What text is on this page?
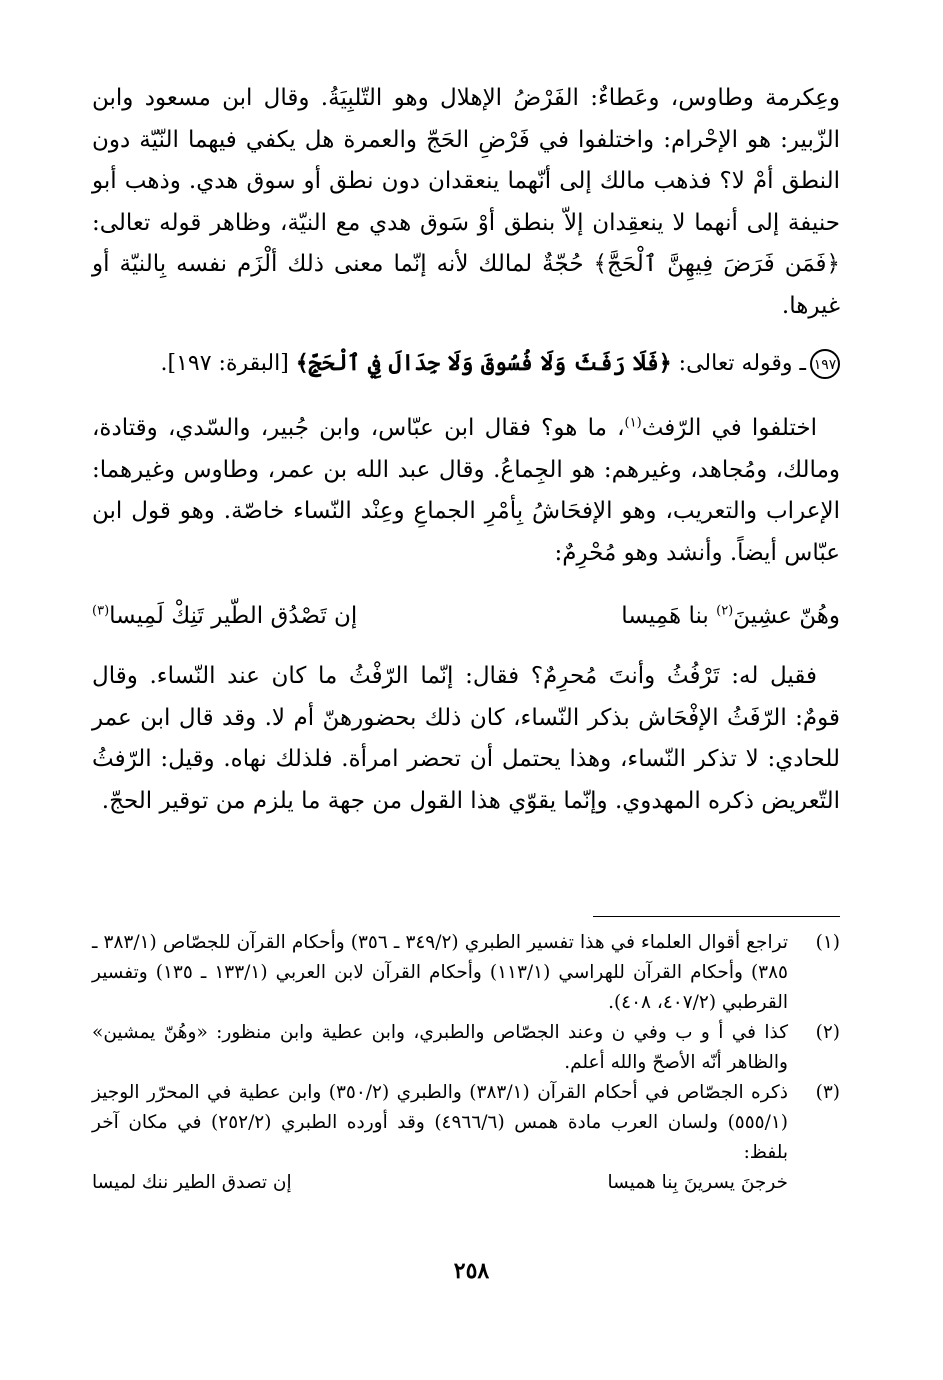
وعِكرمة وطاوس، وعَطاءٌ: الفَرْضُ الإهلال وهو التّلبِيَةُ. وقال ابن مسعود وابن الزّبير: هو الإحْرام: واختلفوا في فَرْضِ الحَجّ والعمرة هل يكفي فيهما النّيّة دون النطق أمْ لا؟ فذهب مالك إلى أنّهما ينعقدان دون نطق أو سوق هدي. وذهب أبو حنيفة إلى أنهما لا ينعقِدان إلاّ بنطق أوْ سَوق هدي مع النيّة، وظاهر قوله تعالى: ﴿فَمَن فَرَضَ فِيهِنَّ ٱلْحَجَّ﴾ حُجّةٌ لمالك لأنه إنّما معنى ذلك ألْزَم نفسه بِالنيّة أو غيرها.

١٩٧ـ وقوله تعالى: ﴿فَلَا رَفَثَ وَلَا فُسُوقَ وَلَا جِدَالَ فِي ٱلْحَجِّ﴾ [البقرة: ١٩٧].

 اختلفوا في الرّفث$^{(١)}$، ما هو؟ فقال ابن عبّاس، وابن جُبير، والسّدي، وقتادة، ومالك، ومُجاهد، وغيرهم: هو الجِماعُ. وقال عبد الله بن عمر، وطاوس وغيرهما: الإعراب والتعريب، وهو الإفحَاشُ بِأمْرِ الجماعِ وعِنْد النّساء خاصّة. وهو قول ابن عبّاس أيضاً. وأنشد وهو مُحْرِمٌ:

وهُنّ عشِينَ$^{(٢)}$ بنا هَمِيسا
إن تَصْدُق الطّير تَنِكْ لَمِيسا$^{(٣)}$

 فقيل له: تَرْفُثُ وأنتَ مُحرِمٌ؟ فقال: إنّما الرّفْثُ ما كان عند النّساء. وقال قومٌ: الرّفَثُ الإفْحَاش بذكر النّساء، كان ذلك بحضورهنّ أم لا. وقد قال ابن عمر للحادي: لا تذكر النّساء، وهذا يحتمل أن تحضر امرأة. فلذلك نهاه. وقيل: الرّفثُ التّعريض ذكره المهدوي. وإنّما يقوّي هذا القول من جهة ما يلزم من توقير الحجّ.

(١)
تراجع أقوال العلماء في هذا تفسير الطبري (٣٤٩/٢ ـ ٣٥٦) وأحكام القرآن للجصّاص (٣٨٣/١ ـ ٣٨٥) وأحكام القرآن للهراسي (١١٣/١) وأحكام القرآن لابن العربي (١٣٣/١ ـ ١٣٥) وتفسير القرطبي (٤٠٧/٢، ٤٠٨).
(٢)
كذا في أ و ب وفي ن وعند الجصّاص والطبري، وابن عطية وابن منظور: «وهُنّ يمشين» والظاهر أنّه الأصحّ والله أعلم.
(٣)
ذكره الجصّاص في أحكام القرآن (٣٨٣/١) والطبري (٣٥٠/٢) وابن عطية في المحرّر الوجيز (٥٥٥/١) ولسان العرب مادة همس (٤٩٦٦/٦) وقد أورده الطبري (٢٥٢/٢) في مكان آخر بلفظ:
خرجنَ يسرينَ بِنا هميسا
إن تصدق الطير ننك لميسا
٢٥٨
